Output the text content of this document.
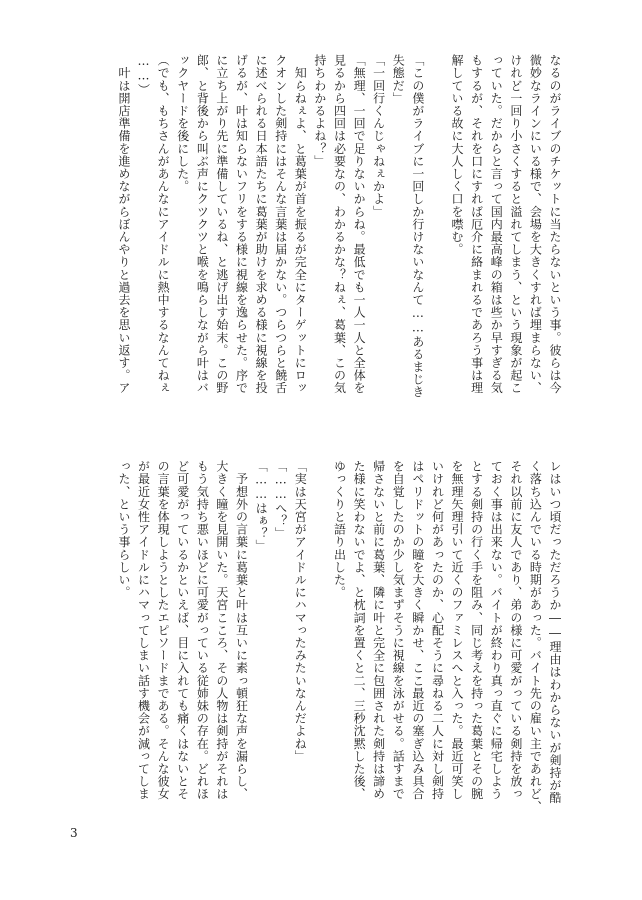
なるのがライブのチケットに当たらないという事。彼らは今

微妙なラインにいる様で、会場を大きくすれば埋まらない、

けれど一回り小さくすると溢れてしまう、という現象が起こ

っていた。だからと言って国内最高峰の箱は些か早すぎる気

もするが、それを口にすれば厄介に絡まれるであろう事は理

解している故に大人しく口を噤む。

「この僕がライブに一回しか行けないなんて……あるまじき

失態だ」

「一回行くんじゃねぇかよ」

「無理、一回で足りないからね。最低でも一人一人と全体を

見るから四回は必要なの、わかるかな？ねぇ、葛葉、この気

持ちわかるよね？」

　知らねぇよ、と葛葉が首を振るが完全にターゲットにロッ

クオンした剣持にはそんな言葉は届かない。つらつらと饒舌

に述べられる日本語たちに葛葉が助けを求める様に視線を投

げるが、叶は知らないフリをする様に視線を逸らせた。序で

に立ち上がり先に準備しているね、と逃げ出す始末。この野

郎、と背後から叫ぶ声にクツクツと喉を鳴らしながら叶はバ

ックヤードを後にした。

（でも、もちさんがあんなにアイドルに熱中するなんてねぇ

……）

　叶は開店準備を進めながらぼんやりと過去を思い返す。ア

レはいつ頃だっただろうか――理由はわからないが剣持が酷

く落ち込んでいる時期があった。バイト先の雇い主であれど、

それ以前に友人であり、弟の様に可愛がっている剣持を放っ

ておく事は出来ない。バイトが終わり真っ直ぐに帰宅しよう

とする剣持の行く手を阻み、同じ考えを持った葛葉とその腕

を無理矢理引いて近くのファミレスへと入った。最近可笑し

いけれど何があったのか、心配そうに尋ねる二人に対し剣持

はペリドットの瞳を大きく瞬かせ、ここ最近の塞ぎ込み具合

を自覚したのか少し気まずそうに視線を泳がせる。話すまで

帰さないと前に葛葉、隣に叶と完全に包囲された剣持は諦め

た様に笑わないでよ、と枕詞を置くと二、三秒沈黙した後、

ゆっくりと語り出した。

「実は天宮がアイドルにハマったみたいなんだよね」

「……へ？」

「……はぁ？」

　予想外の言葉に葛葉と叶は互いに素っ頓狂な声を漏らし、

大きく瞳を見開いた。天宮こころ、その人物は剣持がそれは

もう気持ち悪いほどに可愛がっている従姉妹の存在。どれほ

ど可愛がっているかといえば、目に入れても痛くはないとそ

の言葉を体現しようとしたエピソードまである。そんな彼女

が最近女性アイドルにハマってしまい話す機会が減ってしま

った、という事らしい。

3
